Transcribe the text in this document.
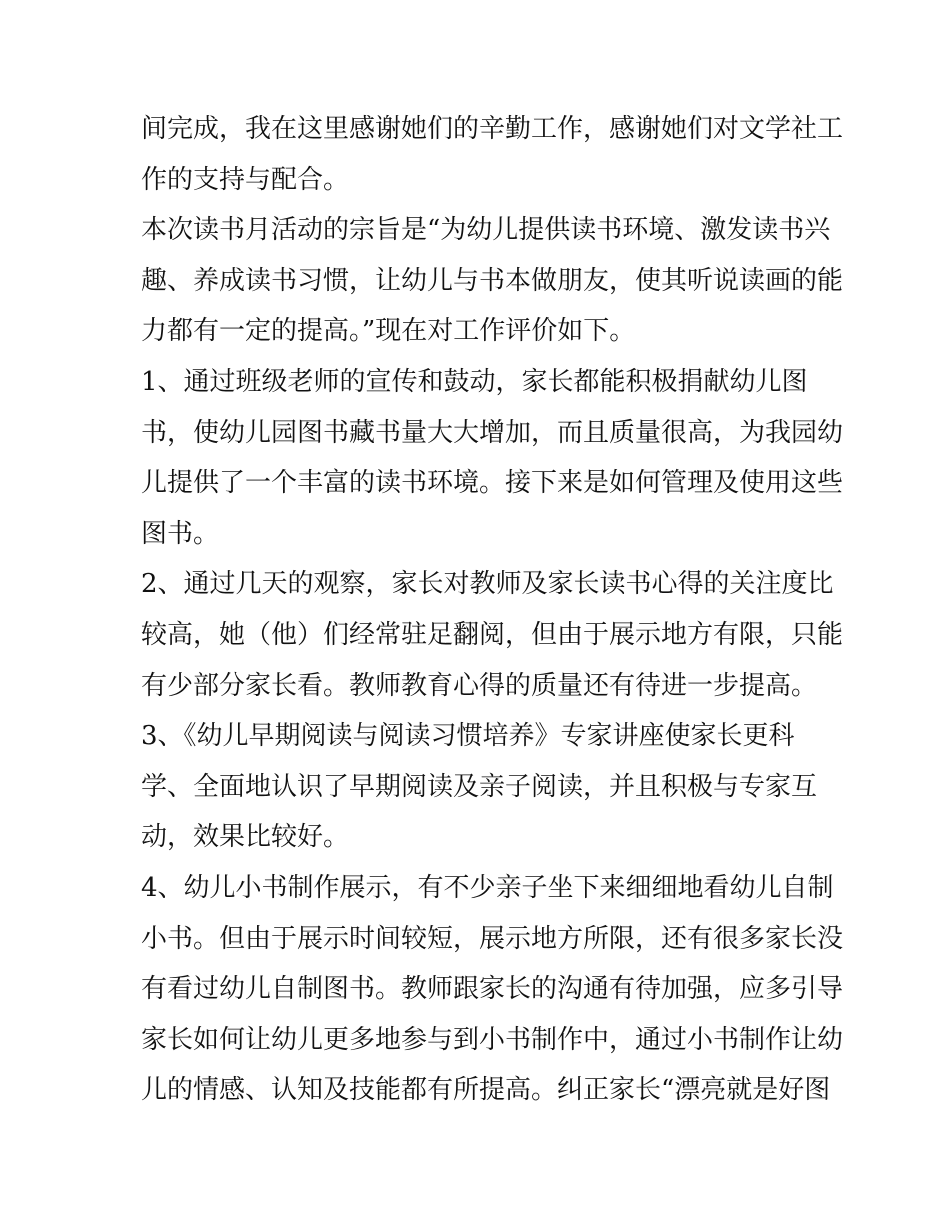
间完成，我在这里感谢她们的辛勤工作，感谢她们对文学社工
作的支持与配合。
本次读书月活动的宗旨是“为幼儿提供读书环境、激发读书兴
趣、养成读书习惯，让幼儿与书本做朋友，使其听说读画的能
力都有一定的提高。”现在对工作评价如下。
1、通过班级老师的宣传和鼓动，家长都能积极捐献幼儿图
书，使幼儿园图书藏书量大大增加，而且质量很高，为我园幼
儿提供了一个丰富的读书环境。接下来是如何管理及使用这些
图书。
2、通过几天的观察，家长对教师及家长读书心得的关注度比
较高，她（他）们经常驻足翻阅，但由于展示地方有限，只能
有少部分家长看。教师教育心得的质量还有待进一步提高。
3、《幼儿早期阅读与阅读习惯培养》专家讲座使家长更科
学、全面地认识了早期阅读及亲子阅读，并且积极与专家互
动，效果比较好。
4、幼儿小书制作展示，有不少亲子坐下来细细地看幼儿自制
小书。但由于展示时间较短，展示地方所限，还有很多家长没
有看过幼儿自制图书。教师跟家长的沟通有待加强，应多引导
家长如何让幼儿更多地参与到小书制作中，通过小书制作让幼
儿的情感、认知及技能都有所提高。纠正家长“漂亮就是好图
